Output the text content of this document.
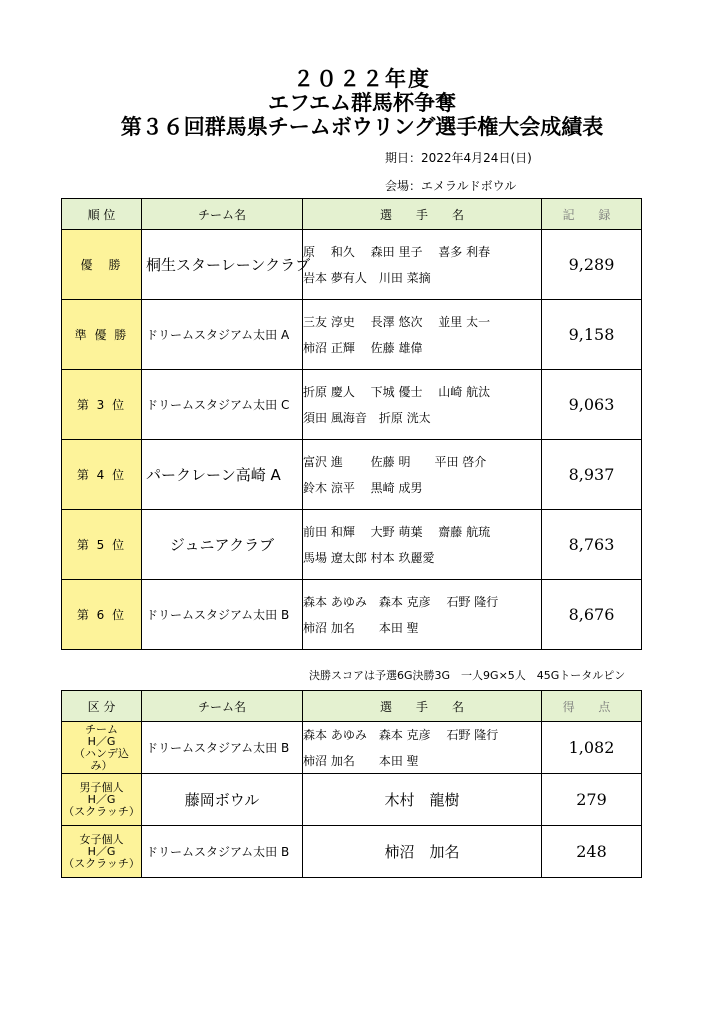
２０２２年度
エフエム群馬杯争奪
第３６回群馬県チームボウリング選手権大会成績表
期日：2022年4月24日(日)
会場：エメラルドボウル
順 位	チーム名	選　　手　　名	記 録
優　勝	桐生スターレーンクラブ	原　 和久　 森田 里子　 喜多 利春
岩本 夢有人　川田 菜摘	9,289
準 優 勝	ドリームスタジアム太田 A	三友 淳史　 長澤 悠次　 並里 太一
柿沼 正輝　 佐藤 雄偉	9,158
第 3 位	ドリームスタジアム太田 C	折原 慶人　 下城 優士　 山崎 航汰
須田 風海音　折原 洸太	9,063
第 4 位	パークレーン高崎 A	富沢 進　　 佐藤 明　　平田 啓介
鈴木 涼平　 黒崎 成男	8,937
第 5 位	ジュニアクラブ	前田 和輝　 大野 萌葉　 齋藤 航琉
馬場 遼太郎 村本 玖麗愛	8,763
第 6 位	ドリームスタジアム太田 B	森本 あゆみ　森本 克彦　 石野 隆行
柿沼 加名　　本田 聖	8,676
決勝スコアは予選6G決勝3G　一人9G×5人　45Gトータルピン
区 分	チーム名	選　　手　　名	得 点
チーム
H／G
（ハンデ込
み）	ドリームスタジアム太田 B	森本 あゆみ　森本 克彦　 石野 隆行
柿沼 加名　　本田 聖	1,082
男子個人
H／G
（スクラッチ）	藤岡ボウル	木村　龍樹	279
女子個人
H／G
（スクラッチ）	ドリームスタジアム太田 B	柿沼　加名	248
